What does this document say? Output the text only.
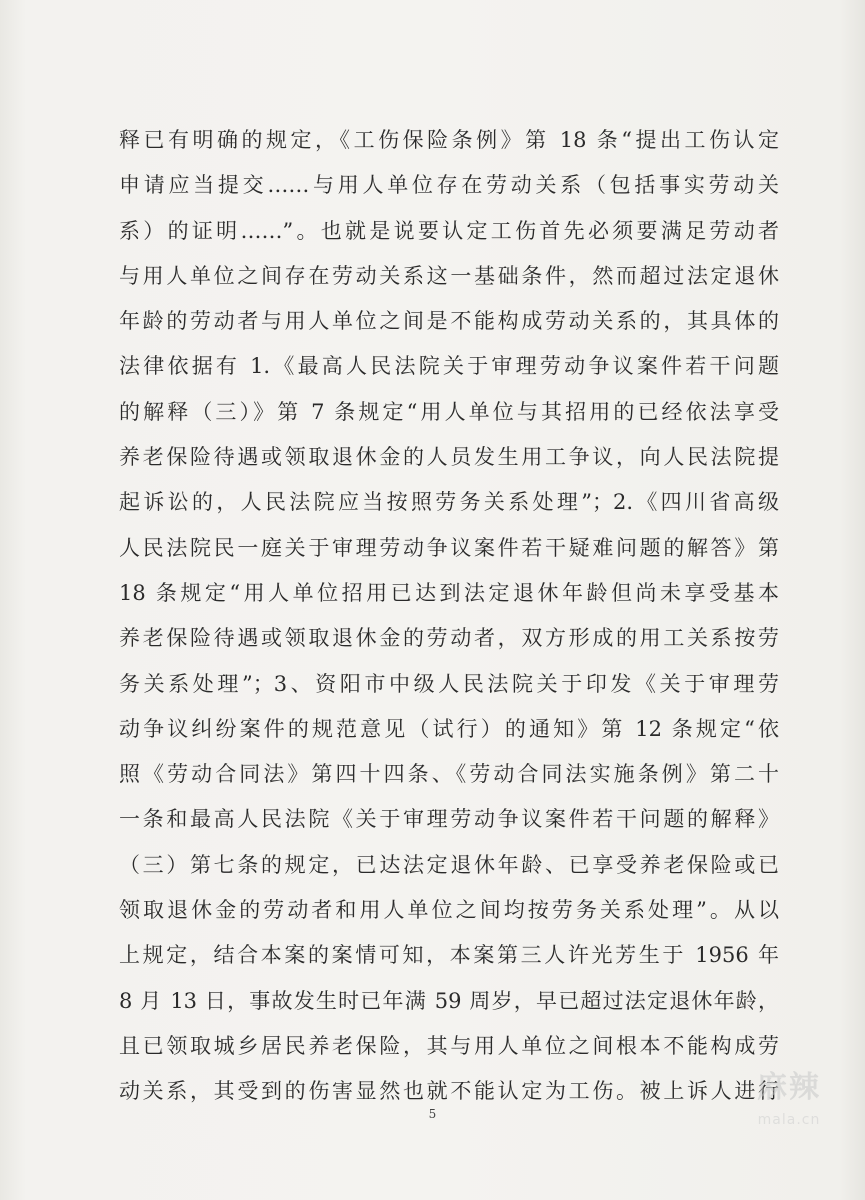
释已有明确的规定，《工伤保险条例》第 18 条“提出工伤认定
申请应当提交……与用人单位存在劳动关系（包括事实劳动关
系）的证明……”。也就是说要认定工伤首先必须要满足劳动者
与用人单位之间存在劳动关系这一基础条件，然而超过法定退休
年龄的劳动者与用人单位之间是不能构成劳动关系的，其具体的
法律依据有 1.《最高人民法院关于审理劳动争议案件若干问题
的解释（三）》第 7 条规定“用人单位与其招用的已经依法享受
养老保险待遇或领取退休金的人员发生用工争议，向人民法院提
起诉讼的，人民法院应当按照劳务关系处理”；2.《四川省高级
人民法院民一庭关于审理劳动争议案件若干疑难问题的解答》第
18 条规定“用人单位招用已达到法定退休年龄但尚未享受基本
养老保险待遇或领取退休金的劳动者，双方形成的用工关系按劳
务关系处理”；3、资阳市中级人民法院关于印发《关于审理劳
动争议纠纷案件的规范意见（试行）的通知》第 12 条规定“依
照《劳动合同法》第四十四条、《劳动合同法实施条例》第二十
一条和最高人民法院《关于审理劳动争议案件若干问题的解释》
（三）第七条的规定，已达法定退休年龄、已享受养老保险或已
领取退休金的劳动者和用人单位之间均按劳务关系处理”。从以
上规定，结合本案的案情可知，本案第三人许光芳生于 1956 年
8 月 13 日，事故发生时已年满 59 周岁，早已超过法定退休年龄，
且已领取城乡居民养老保险，其与用人单位之间根本不能构成劳
动关系，其受到的伤害显然也就不能认定为工伤。被上诉人进行
5
麻辣
mala.cn
